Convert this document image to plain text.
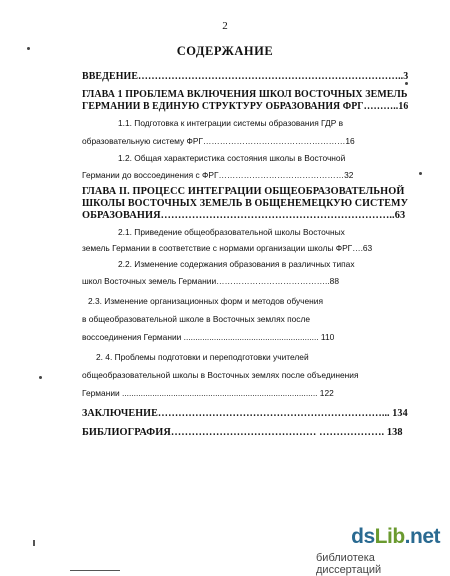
2
СОДЕРЖАНИЕ
ВВЕДЕНИЕ……………………………………………………………………..3
ГЛАВА 1 ПРОБЛЕМА ВКЛЮЧЕНИЯ ШКОЛ ВОСТОЧНЫХ ЗЕМЕЛЬ
ГЕРМАНИИ В ЕДИНУЮ СТРУКТУРУ ОБРАЗОВАНИЯ ФРГ………..16
1.1. Подготовка к интеграции системы образования ГДР в
образовательную систему ФРГ……………………………………………16
1.2. Общая характеристика состояния школы в Восточной
Германии до воссоединения с ФРГ………………………………………32
ГЛАВА II. ПРОЦЕСС ИНТЕГРАЦИИ ОБЩЕОБРАЗОВАТЕЛЬНОЙ
ШКОЛЫ ВОСТОЧНЫХ ЗЕМЕЛЬ В ОБЩЕНЕМЕЦКУЮ СИСТЕМУ
ОБРАЗОВАНИЯ…………………………………………………………..63
2.1. Приведение общеобразовательной школы Восточных
земель Германии в соответствие с нормами организации школы ФРГ….63
2.2. Изменение содержания образования в различных типах
школ Восточных земель Германии…………………………………..88
2.3. Изменение организационных форм и методов обучения
в общеобразовательной школе в Восточных землях после
воссоединения Германии .......................................................... 110
2. 4. Проблемы подготовки и переподготовки учителей
общеобразовательной школы в Восточных землях после объединения
Германии .................................................................................... 122
ЗАКЛЮЧЕНИЕ…………………………………………………………... 134
БИБЛИОГРАФИЯ…………………………………… ………………. 138
dsLib.net
библиотека диссертаций
